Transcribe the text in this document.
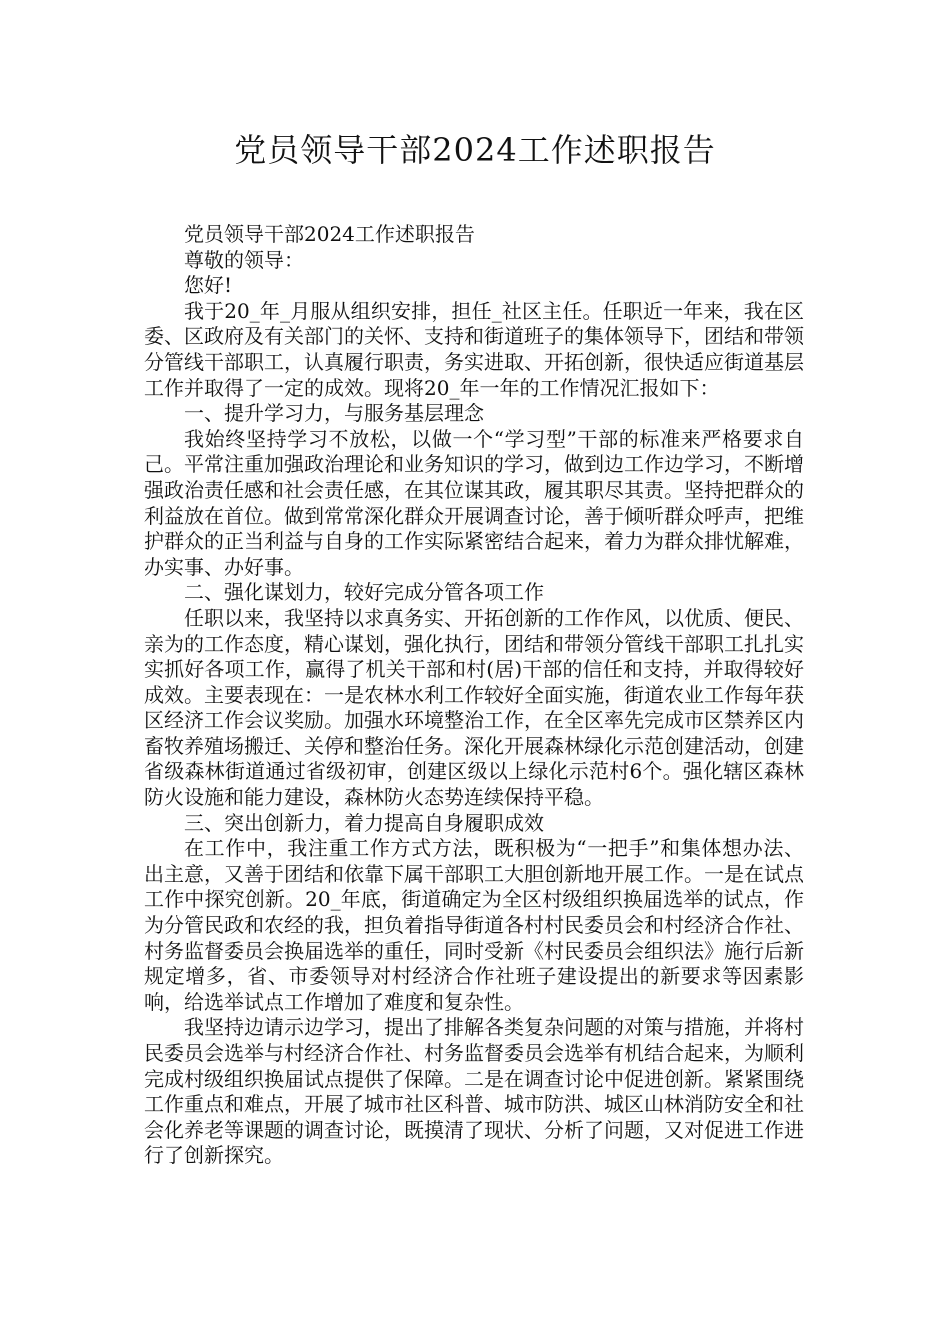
党员领导干部2024工作述职报告

党员领导干部2024工作述职报告

尊敬的领导：

您好!

我于20_年_月服从组织安排，担任_社区主任。任职近一年来，我在区委、区政府及有关部门的关怀、支持和街道班子的集体领导下，团结和带领分管线干部职工，认真履行职责，务实进取、开拓创新，很快适应街道基层工作并取得了一定的成效。现将20_年一年的工作情况汇报如下：

一、提升学习力，与服务基层理念

我始终坚持学习不放松，以做一个“学习型”干部的标准来严格要求自己。平常注重加强政治理论和业务知识的学习，做到边工作边学习，不断增强政治责任感和社会责任感，在其位谋其政，履其职尽其责。坚持把群众的利益放在首位。做到常常深化群众开展调查讨论，善于倾听群众呼声，把维护群众的正当利益与自身的工作实际紧密结合起来，着力为群众排忧解难，办实事、办好事。

二、强化谋划力，较好完成分管各项工作

任职以来，我坚持以求真务实、开拓创新的工作作风，以优质、便民、亲为的工作态度，精心谋划，强化执行，团结和带领分管线干部职工扎扎实实抓好各项工作，赢得了机关干部和村(居)干部的信任和支持，并取得较好成效。主要表现在：一是农林水利工作较好全面实施，街道农业工作每年获区经济工作会议奖励。加强水环境整治工作，在全区率先完成市区禁养区内畜牧养殖场搬迁、关停和整治任务。深化开展森林绿化示范创建活动，创建省级森林街道通过省级初审，创建区级以上绿化示范村6个。强化辖区森林防火设施和能力建设，森林防火态势连续保持平稳。

三、突出创新力，着力提高自身履职成效

在工作中，我注重工作方式方法，既积极为“一把手”和集体想办法、出主意，又善于团结和依靠下属干部职工大胆创新地开展工作。一是在试点工作中探究创新。20_年底，街道确定为全区村级组织换届选举的试点，作为分管民政和农经的我，担负着指导街道各村村民委员会和村经济合作社、村务监督委员会换届选举的重任，同时受新《村民委员会组织法》施行后新规定增多，省、市委领导对村经济合作社班子建设提出的新要求等因素影响，给选举试点工作增加了难度和复杂性。

我坚持边请示边学习，提出了排解各类复杂问题的对策与措施，并将村民委员会选举与村经济合作社、村务监督委员会选举有机结合起来，为顺利完成村级组织换届试点提供了保障。二是在调查讨论中促进创新。紧紧围绕工作重点和难点，开展了城市社区科普、城市防洪、城区山林消防安全和社会化养老等课题的调查讨论，既摸清了现状、分析了问题，又对促进工作进行了创新探究。
